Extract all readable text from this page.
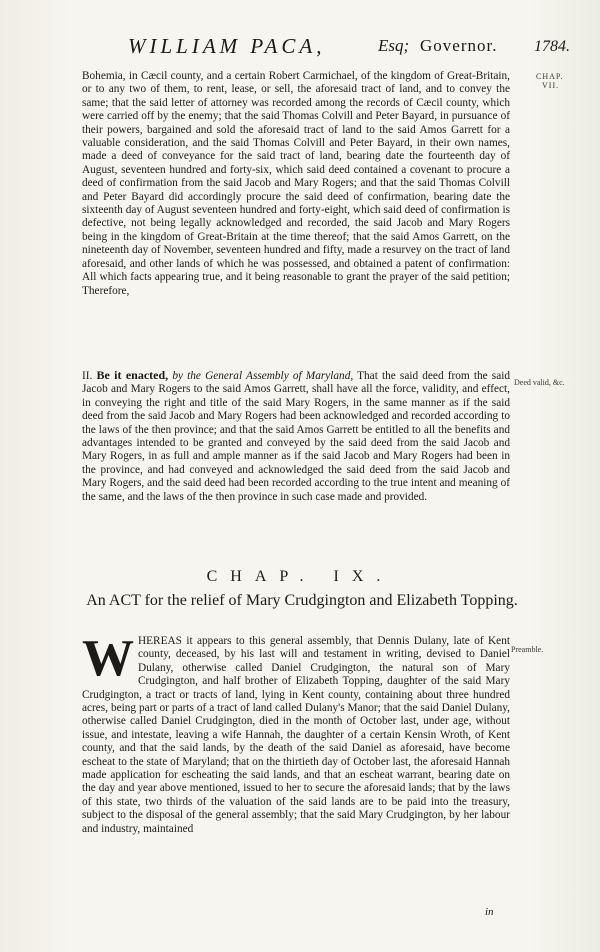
WILLIAM PACA,	Esq; Governor. 1784.
CHAP.
VII.

Bohemia, in Cæcil county, and a certain Robert Carmichael, of the kingdom of Great-Britain, or to any two of them, to rent, lease, or sell, the aforesaid tract of land, and to convey the same; that the said letter of attorney was recorded among the records of Cæcil county, which were carried off by the enemy; that the said Thomas Colvill and Peter Bayard, in pursuance of their powers, bargained and sold the aforesaid tract of land to the said Amos Garrett for a valuable consideration, and the said Thomas Colvill and Peter Bayard, in their own names, made a deed of conveyance for the said tract of land, bearing date the fourteenth day of August, seventeen hundred and forty-six, which said deed contained a covenant to procure a deed of confirmation from the said Jacob and Mary Rogers; and that the said Thomas Colvill and Peter Bayard did accordingly procure the said deed of confirmation, bearing date the sixteenth day of August seventeen hundred and forty-eight, which said deed of confirmation is defective, not being legally acknowledged and recorded, the said Jacob and Mary Rogers being in the kingdom of Great-Britain at the time thereof; that the said Amos Garrett, on the nineteenth day of November, seventeen hundred and fifty, made a resurvey on the tract of land aforesaid, and other lands of which he was possessed, and obtained a patent of confirmation: All which facts appearing true, and it being reasonable to grant the prayer of the said petition; Therefore,

Deed valid, &c.

II. Be it enacted, by the General Assembly of Maryland, That the said deed from the said Jacob and Mary Rogers to the said Amos Garrett, shall have all the force, validity, and effect, in conveying the right and title of the said Mary Rogers, in the same manner as if the said deed from the said Jacob and Mary Rogers had been acknowledged and recorded according to the laws of the then province; and that the said Amos Garrett be entitled to all the benefits and advantages intended to be granted and conveyed by the said deed from the said Jacob and Mary Rogers, in as full and ample manner as if the said Jacob and Mary Rogers had been in the province, and had conveyed and acknowledged the said deed from the said Jacob and Mary Rogers, and the said deed had been recorded according to the true intent and meaning of the same, and the laws of the then province in such case made and provided.

CHAP. IX.
An ACT for the relief of Mary Crudgington and Elizabeth Topping.
Preamble.
W HEREAS it appears to this general assembly, that Dennis Dulany, late of Kent county, deceased, by his last will and testament in writing, devised to Daniel Dulany, otherwise called Daniel Crudgington, the natural son of Mary Crudgington, and half brother of Elizabeth Topping, daughter of the said Mary Crudgington, a tract or tracts of land, lying in Kent county, containing about three hundred acres, being part or parts of a tract of land called Dulany's Manor; that the said Daniel Dulany, otherwise called Daniel Crudgington, died in the month of October last, under age, without issue, and intestate, leaving a wife Hannah, the daughter of a certain Kensin Wroth, of Kent county, and that the said lands, by the death of the said Daniel as aforesaid, have become escheat to the state of Maryland; that on the thirtieth day of October last, the aforesaid Hannah made application for escheating the said lands, and that an escheat warrant, bearing date on the day and year above mentioned, issued to her to secure the aforesaid lands; that by the laws of this state, two thirds of the valuation of the said lands are to be paid into the treasury, subject to the disposal of the general assembly; that the said Mary Crudgington, by her labour and industry, maintained

in
